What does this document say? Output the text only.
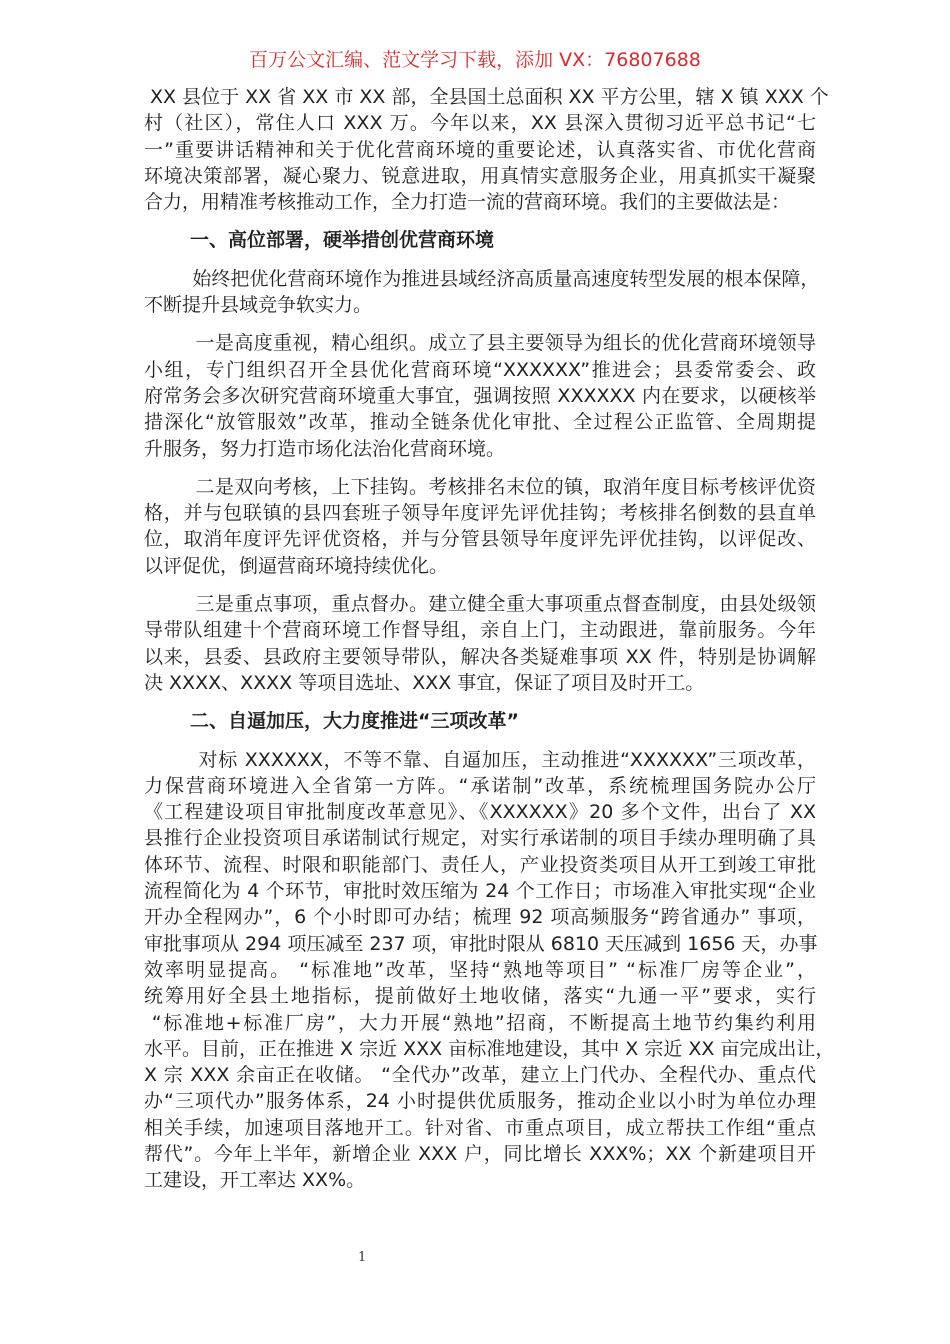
百万公文汇编、范文学习下载，添加 VX：76807688
XX 县位于 XX 省 XX 市 XX 部，全县国土总面积 XX 平方公里，辖 X 镇 XXX 个
村（社区），常住人口 XXX 万。今年以来，XX 县深入贯彻习近平总书记“七
一”重要讲话精神和关于优化营商环境的重要论述，认真落实省、市优化营商
环境决策部署，凝心聚力、锐意进取，用真情实意服务企业，用真抓实干凝聚
合力，用精准考核推动工作，全力打造一流的营商环境。我们的主要做法是：
一、高位部署，硬举措创优营商环境
始终把优化营商环境作为推进县域经济高质量高速度转型发展的根本保障，
不断提升县域竞争软实力。
一是高度重视，精心组织。成立了县主要领导为组长的优化营商环境领导
小组，专门组织召开全县优化营商环境“XXXXXX”推进会；县委常委会、政
府常务会多次研究营商环境重大事宜，强调按照 XXXXXX 内在要求，以硬核举
措深化“放管服效”改革，推动全链条优化审批、全过程公正监管、全周期提
升服务，努力打造市场化法治化营商环境。
二是双向考核，上下挂钩。考核排名末位的镇，取消年度目标考核评优资
格，并与包联镇的县四套班子领导年度评先评优挂钩；考核排名倒数的县直单
位，取消年度评先评优资格，并与分管县领导年度评先评优挂钩，以评促改、
以评促优，倒逼营商环境持续优化。
三是重点事项，重点督办。建立健全重大事项重点督查制度，由县处级领
导带队组建十个营商环境工作督导组，亲自上门，主动跟进，靠前服务。今年
以来，县委、县政府主要领导带队，解决各类疑难事项 XX 件，特别是协调解
决 XXXX、XXXX 等项目选址、XXX 事宜，保证了项目及时开工。
二、自逼加压，大力度推进“三项改革”
对标 XXXXXX，不等不靠、自逼加压，主动推进“XXXXXX”三项改革，
力保营商环境进入全省第一方阵。“承诺制”改革，系统梳理国务院办公厅
《工程建设项目审批制度改革意见》、《XXXXXX》20 多个文件，出台了 XX
县推行企业投资项目承诺制试行规定，对实行承诺制的项目手续办理明确了具
体环节、流程、时限和职能部门、责任人，产业投资类项目从开工到竣工审批
流程简化为 4 个环节，审批时效压缩为 24 个工作日；市场准入审批实现“企业
开办全程网办”，6 个小时即可办结；梳理 92 项高频服务“跨省通办” 事项，
审批事项从 294 项压减至 237 项，审批时限从 6810 天压减到 1656 天，办事
效率明显提高。 “标准地”改革，坚持“熟地等项目” “标准厂房等企业”，
统筹用好全县土地指标，提前做好土地收储，落实“九通一平”要求，实行
“标准地+标准厂房”，大力开展“熟地”招商，不断提高土地节约集约利用
水平。目前，正在推进 X 宗近 XXX 亩标准地建设，其中 X 宗近 XX 亩完成出让，
X 宗 XXX 余亩正在收储。 “全代办”改革，建立上门代办、全程代办、重点代
办“三项代办”服务体系，24 小时提供优质服务，推动企业以小时为单位办理
相关手续，加速项目落地开工。针对省、市重点项目，成立帮扶工作组“重点
帮代”。今年上半年，新增企业 XXX 户，同比增长 XXX%；XX 个新建项目开
工建设，开工率达 XX%。
1
